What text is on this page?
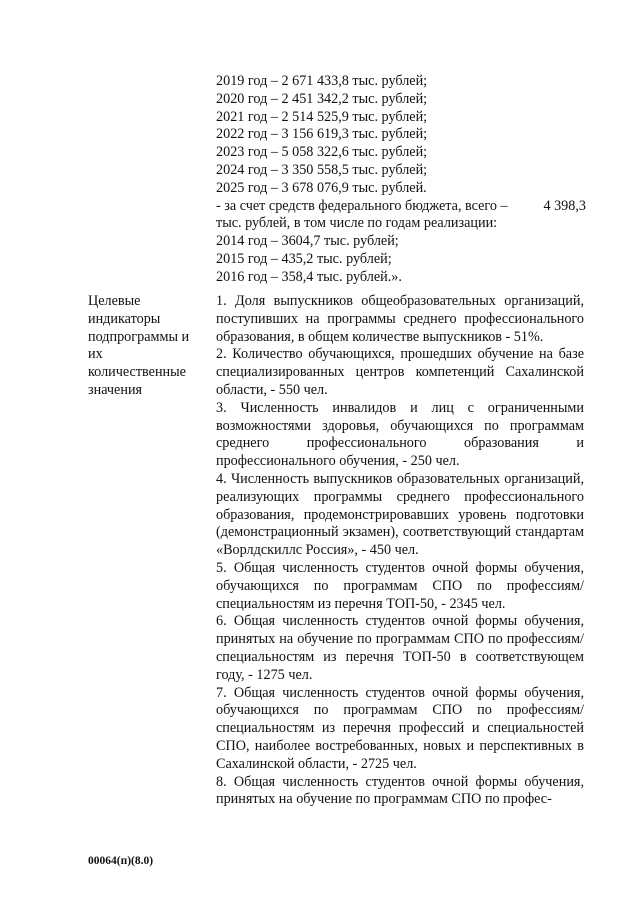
2019 год – 2 671 433,8 тыс. рублей;
2020 год – 2 451 342,2 тыс. рублей;
2021 год – 2 514 525,9 тыс. рублей;
2022 год – 3 156 619,3 тыс. рублей;
2023 год – 5 058 322,6 тыс. рублей;
2024 год – 3 350 558,5 тыс. рублей;
2025 год – 3 678 076,9 тыс. рублей.
- за счет средств федерального бюджета, всего –	4 398,3
тыс. рублей, в том числе по годам реализации:
2014 год – 3604,7 тыс. рублей;
2015 год – 435,2 тыс. рублей;
2016 год – 358,4 тыс. рублей.».
Целевые
индикаторы
подпрограммы и
их
количественные
значения

1. Доля выпускников общеобразовательных организаций, поступивших на программы среднего профессионального образования, в общем количестве выпускников - 51%.

2. Количество обучающихся, прошедших обучение на базе специализированных центров компетенций Сахалинской области, - 550 чел.

3. Численность инвалидов и лиц с ограниченными возможностями здоровья, обучающихся по программам среднего профессионального образования и профессионального обучения, - 250 чел.

4. Численность выпускников образовательных организаций, реализующих программы среднего профессионального образования, продемонстрировавших уровень подготовки (демонстрационный экзамен), соответствующий стандартам «Ворлдскиллс Россия», - 450 чел.

5. Общая численность студентов очной формы обучения, обучающихся по программам СПО по профессиям/специальностям из перечня ТОП-50, - 2345 чел.

6. Общая численность студентов очной формы обучения, принятых на обучение по программам СПО по профессиям/специальностям из перечня ТОП-50 в соответствующем году, - 1275 чел.

7. Общая численность студентов очной формы обучения, обучающихся по программам СПО по профессиям/специальностям из перечня профессий и специальностей СПО, наиболее востребованных, новых и перспективных в Сахалинской области, - 2725 чел.

8. Общая численность студентов очной формы обучения, принятых на обучение по программам СПО по профес-

00064(п)(8.0)
